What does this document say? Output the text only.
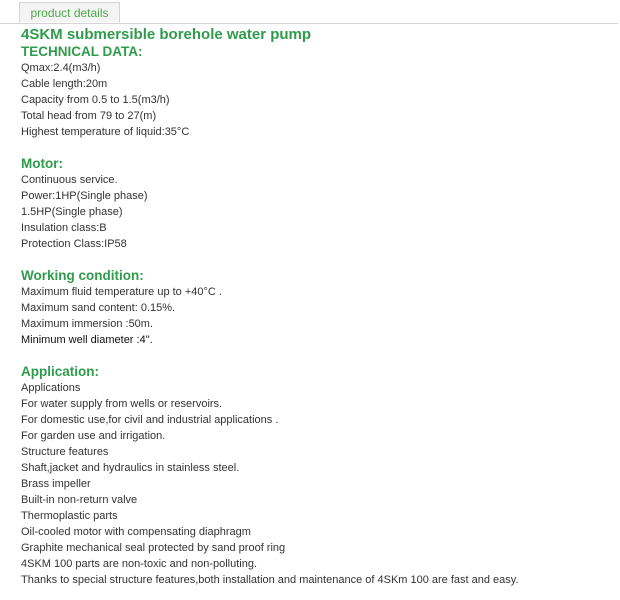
product details
4SKM submersible borehole water pump
TECHNICAL DATA:
Qmax:2.4(m3/h)
Cable length:20m
Capacity from 0.5 to 1.5(m3/h)
Total head from 79 to 27(m)
Highest temperature of liquid:35°C
Motor:
Continuous service.
Power:1HP(Single phase)
1.5HP(Single phase)
Insulation class:B
Protection Class:IP58
Working condition:
Maximum fluid temperature up to +40°C .
Maximum sand content: 0.15%.
Maximum immersion :50m.
Minimum well diameter :4".
Application:
Applications
For water supply from wells or reservoirs.
For domestic use,for civil and industrial applications .
For garden use and irrigation.
Structure features
Shaft,jacket and hydraulics in stainless steel.
Brass impeller
Built-in non-return valve
Thermoplastic parts
Oil-cooled motor with compensating diaphragm
Graphite mechanical seal protected by sand proof ring
4SKM 100 parts are non-toxic and non-polluting.
Thanks to special structure features,both installation and maintenance of 4SKm 100 are fast and easy.
